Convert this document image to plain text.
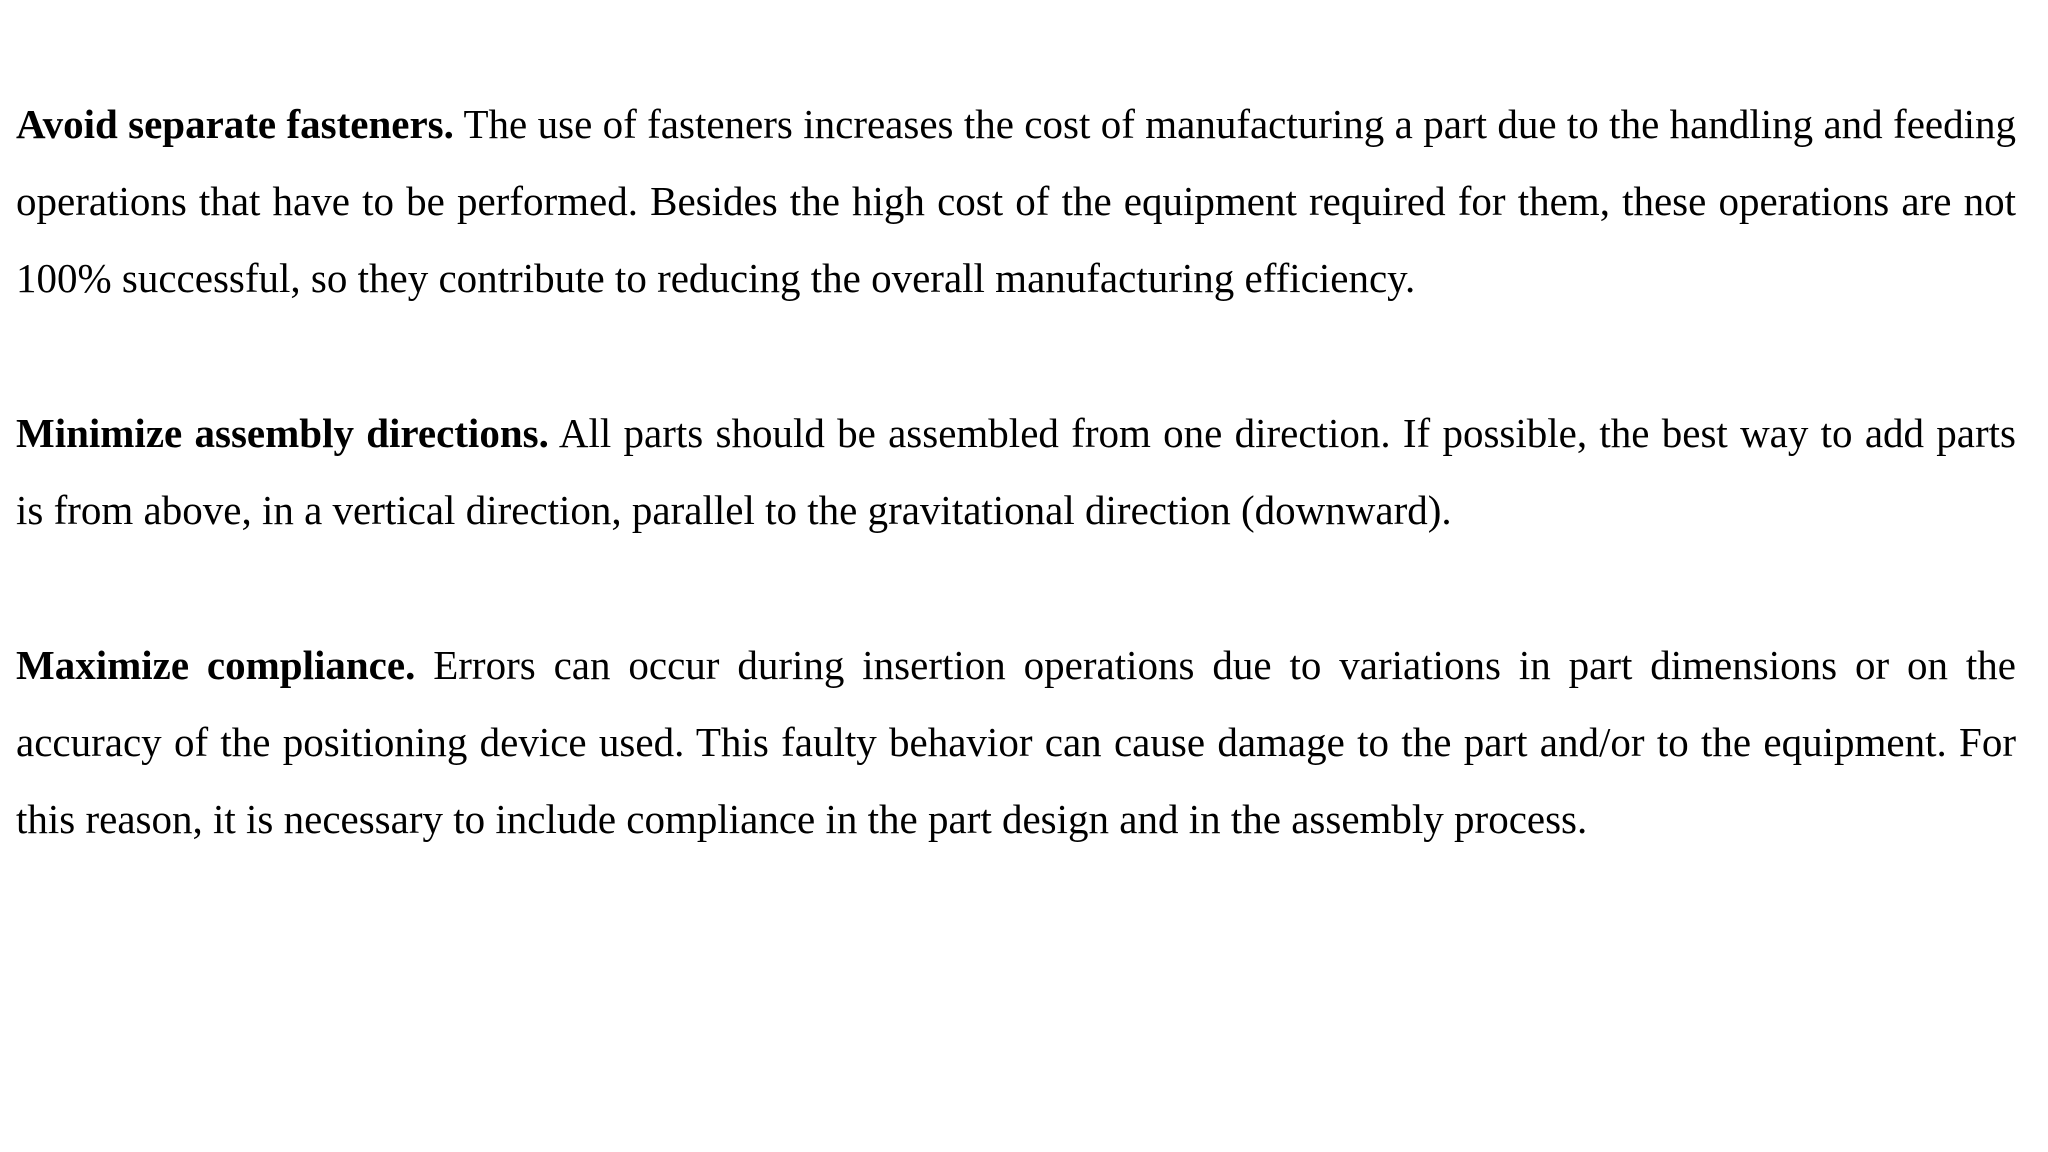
Avoid separate fasteners. The use of fasteners increases the cost of manufacturing a part due to the handling and feeding operations that have to be performed. Besides the high cost of the equipment required for them, these operations are not 100% successful, so they contribute to reducing the overall manufacturing efficiency.

Minimize assembly directions. All parts should be assembled from one direction. If possible, the best way to add parts is from above, in a vertical direction, parallel to the gravitational direction (downward).

Maximize compliance. Errors can occur during insertion operations due to variations in part dimensions or on the accuracy of the positioning device used. This faulty behavior can cause damage to the part and/or to the equipment. For this reason, it is necessary to include compliance in the part design and in the assembly process.
